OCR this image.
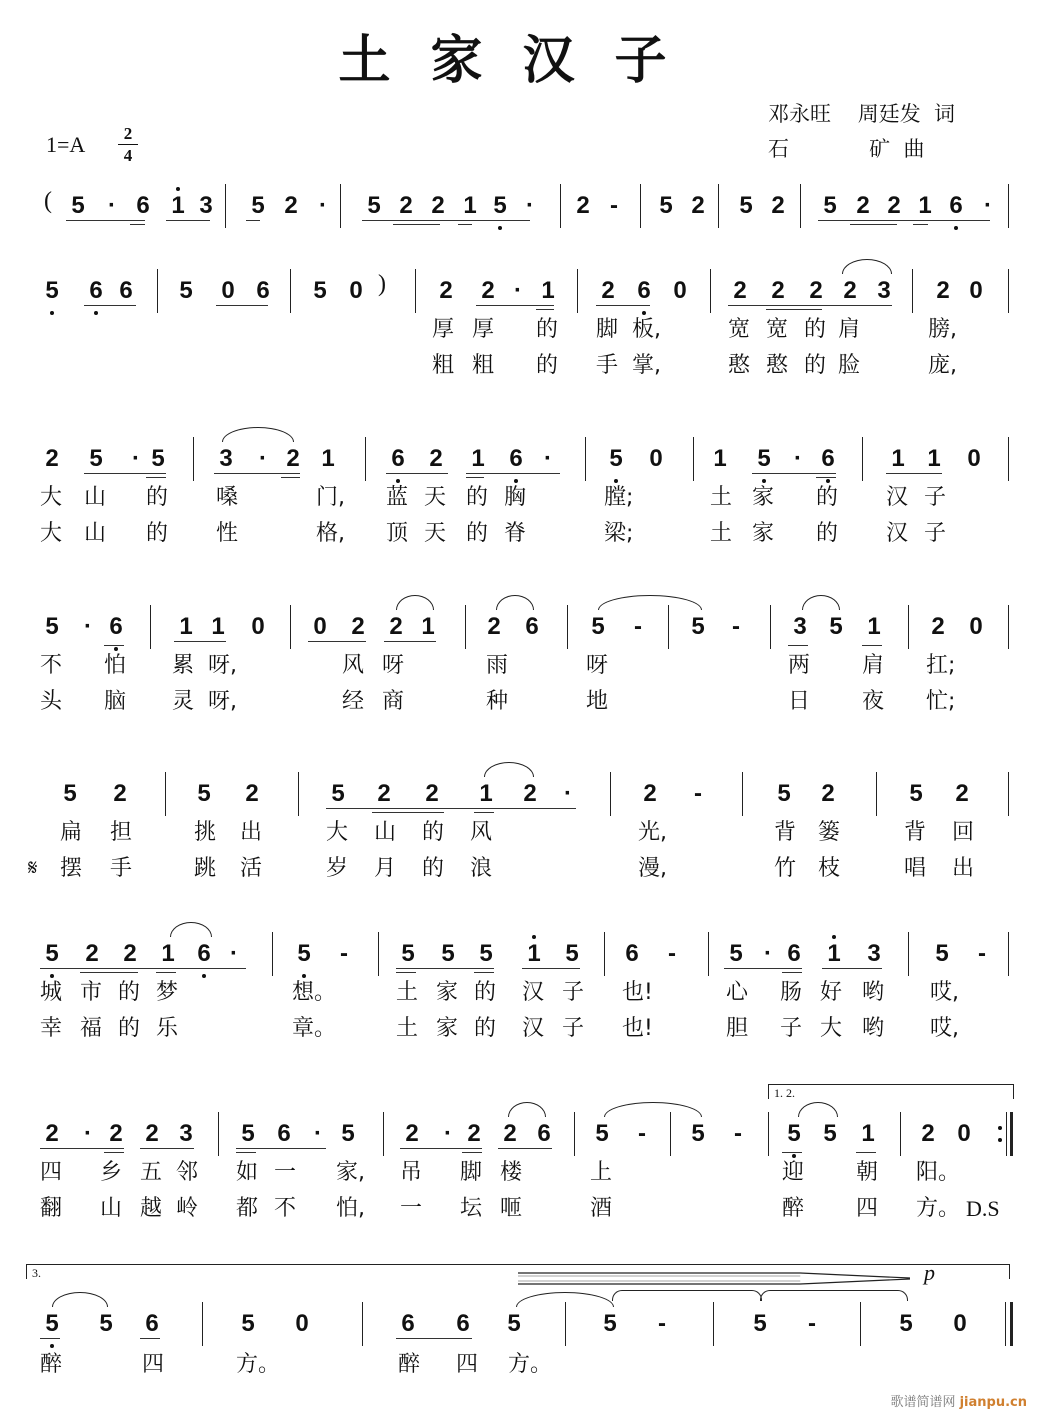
土家汉子
邓永旺    周廷发  词
石            矿  曲
1=A	2
4
5 · 6 1 3 5 2 · 5 2 2 1 5 · 2 - 5 2 5 2 5 2 2 1 6 ·
(
5 6 6 5 0 6 5 0	2 2 · 1 2 6 0 2 2 2 2 3 2 0
)
厚 厚 的 脚 板,	宽 宽 的 肩	膀,
粗 粗 的 手 掌,	憨 憨 的 脸	庞,
2 5 · 5 3 · 2 1 6 2 1 6 · 5 0 1 5 · 6 1 1 0
大 山 的 嗓	门, 蓝 天 的 胸	膛;	土 家 的 汉 子
大 山 的 性	格, 顶 天 的 脊	梁;	土 家 的 汉 子
5 · 6 1 1 0 0 2 2 1 2 6 5 - 5 - 3 5 1 2 0
不 怕 累 呀,	风 呀	雨	呀	两 肩 扛;
头 脑 灵 呀,	经 商	种	地	日 夜 忙;
5 2	5 2	5 2 2 1 2 ·	2 -	5 2	5 2
扁 担	挑 出	大 山 的 风	光,	背 篓	背 回
𝄋 摆 手	跳 活	岁 月 的 浪	漫,	竹 枝	唱 出
5 2 2 1 6 · 5 - 5 5 5 1 5 6 - 5 · 6 1 3 5 -
城 市 的 梦	想。	土 家 的 汉 子 也!	心 肠 好 哟 哎,
幸 福 的 乐	章。	土 家 的 汉 子 也!	胆 子 大 哟 哎,
2 · 2 2 3 5 6 · 5 2 · 2 2 6 5 - 5 - 5 5 1 2 0
1. 2.
四 乡 五 邻 如 一 家, 吊 脚 楼	上	迎 朝 阳。
翻 山 越 岭 都 不 怕, 一 坛 咂	酒	醉 四 方。 D.S
5 5 6	5 0	6 6 5	5 -	5 -	5 0
3.	p
醉	四	方。	醉 四 方。
歌谱简谱网 jianpu.cn
